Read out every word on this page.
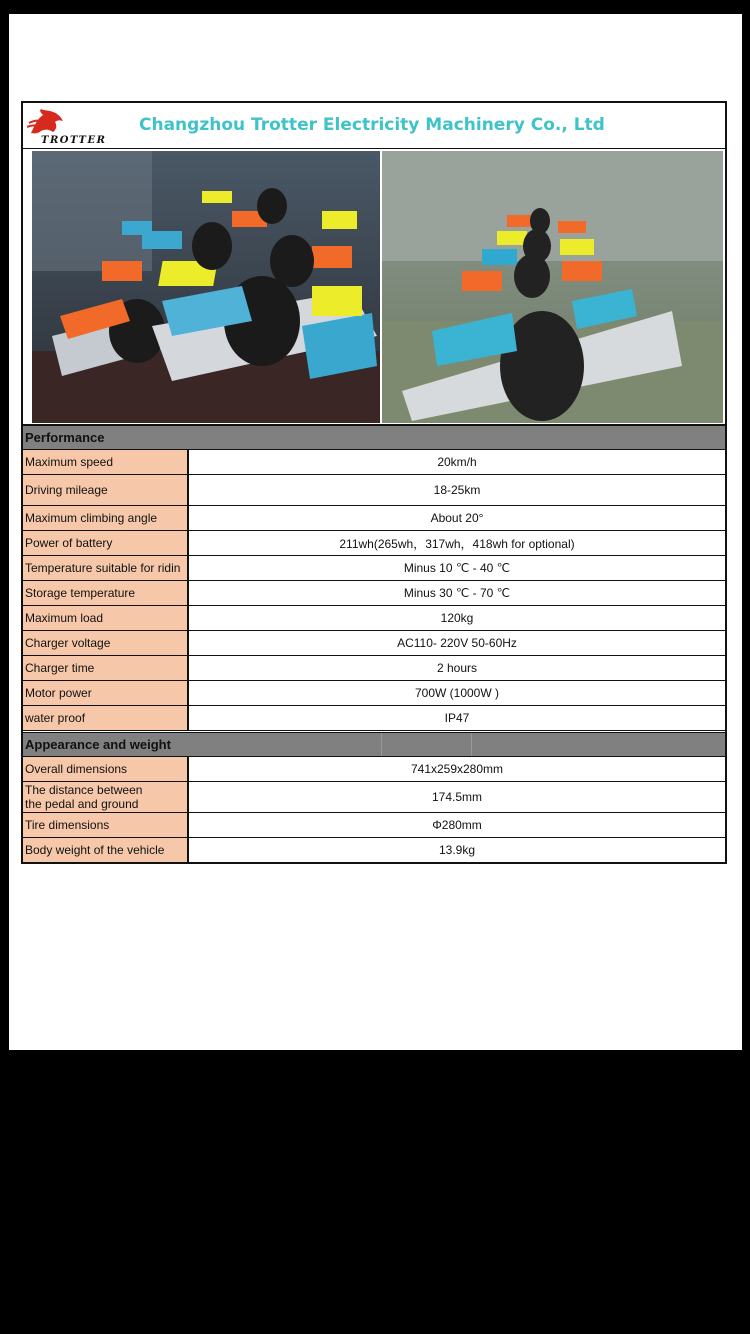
TROTTER
Changzhou Trotter Electricity Machinery Co., Ltd
Performance
Appearance and weight
Maximum speed	20km/h
Driving mileage	18-25km
Maximum climbing angle	About 20°
Power of battery	211wh(265wh，317wh，418wh for optional)
Temperature suitable for ridin	Minus 10 ℃ - 40 ℃
Storage temperature	Minus 30 ℃ - 70 ℃
Maximum load	120kg
Charger voltage	AC110- 220V 50-60Hz
Charger time	2 hours
Motor power	700W (1000W )
water proof	IP47
Overall dimensions	741x259x280mm
The distance between
the pedal and ground	174.5mm
Tire dimensions	Φ280mm
Body weight of the vehicle	13.9kg
